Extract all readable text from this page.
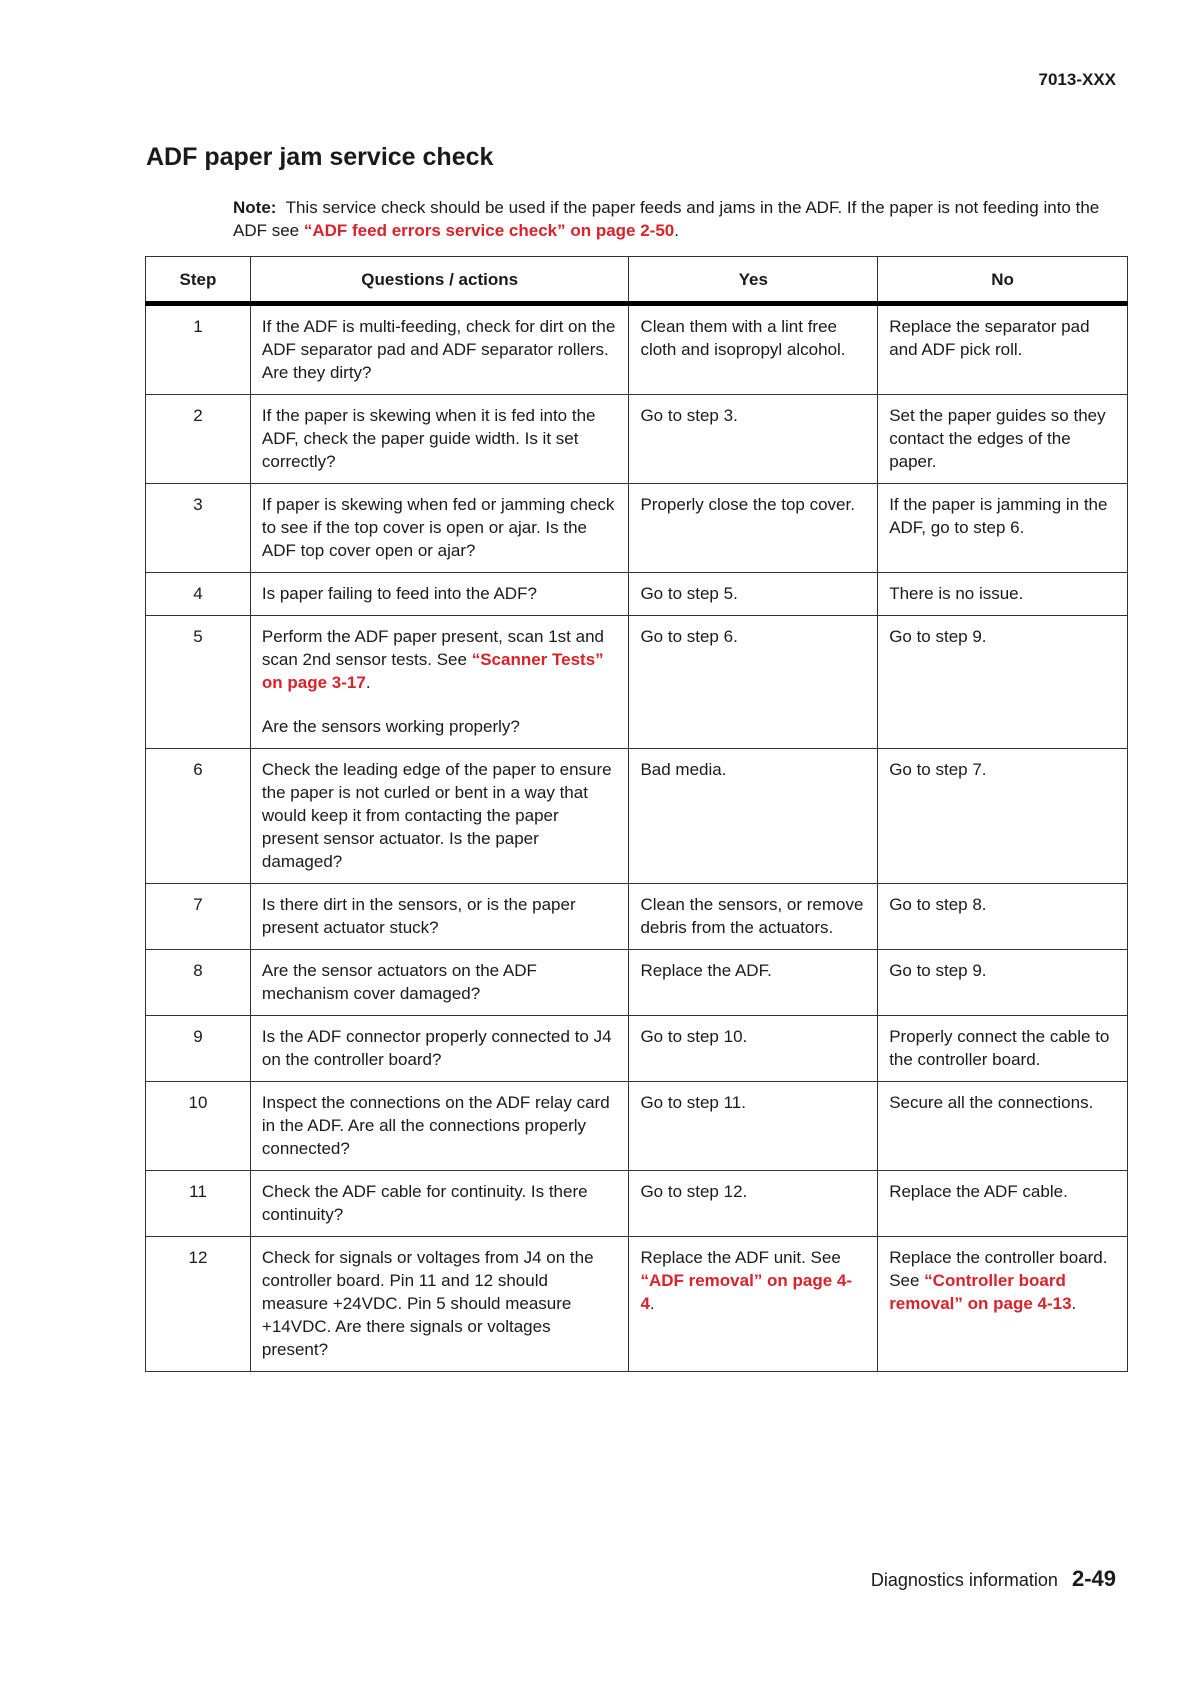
7013-XXX
ADF paper jam service check
Note: This service check should be used if the paper feeds and jams in the ADF. If the paper is not feeding into the ADF see “ADF feed errors service check” on page 2-50.
Step	Questions / actions	Yes	No
1	If the ADF is multi-feeding, check for dirt on the ADF separator pad and ADF separator rollers. Are they dirty?	Clean them with a lint free cloth and isopropyl alcohol.	Replace the separator pad and ADF pick roll.
2	If the paper is skewing when it is fed into the ADF, check the paper guide width. Is it set correctly?	Go to step 3.	Set the paper guides so they contact the edges of the paper.
3	If paper is skewing when fed or jamming check to see if the top cover is open or ajar. Is the ADF top cover open or ajar?	Properly close the top cover.	If the paper is jamming in the ADF, go to step 6.
4	Is paper failing to feed into the ADF?	Go to step 5.	There is no issue.
5	Perform the ADF paper present, scan 1st and scan 2nd sensor tests. See “Scanner Tests” on page 3-17.

Are the sensors working properly?	Go to step 6.	Go to step 9.
6	Check the leading edge of the paper to ensure the paper is not curled or bent in a way that would keep it from contacting the paper present sensor actuator. Is the paper damaged?	Bad media.	Go to step 7.
7	Is there dirt in the sensors, or is the paper present actuator stuck?	Clean the sensors, or remove debris from the actuators.	Go to step 8.
8	Are the sensor actuators on the ADF mechanism cover damaged?	Replace the ADF.	Go to step 9.
9	Is the ADF connector properly connected to J4 on the controller board?	Go to step 10.	Properly connect the cable to the controller board.
10	Inspect the connections on the ADF relay card in the ADF. Are all the connections properly connected?	Go to step 11.	Secure all the connections.
11	Check the ADF cable for continuity. Is there continuity?	Go to step 12.	Replace the ADF cable.
12	Check for signals or voltages from J4 on the controller board. Pin 11 and 12 should measure +24VDC. Pin 5 should measure +14VDC. Are there signals or voltages present?	Replace the ADF unit. See “ADF removal” on page 4-4.	Replace the controller board. See “Controller board removal” on page 4-13.
Diagnostics information 2-49
